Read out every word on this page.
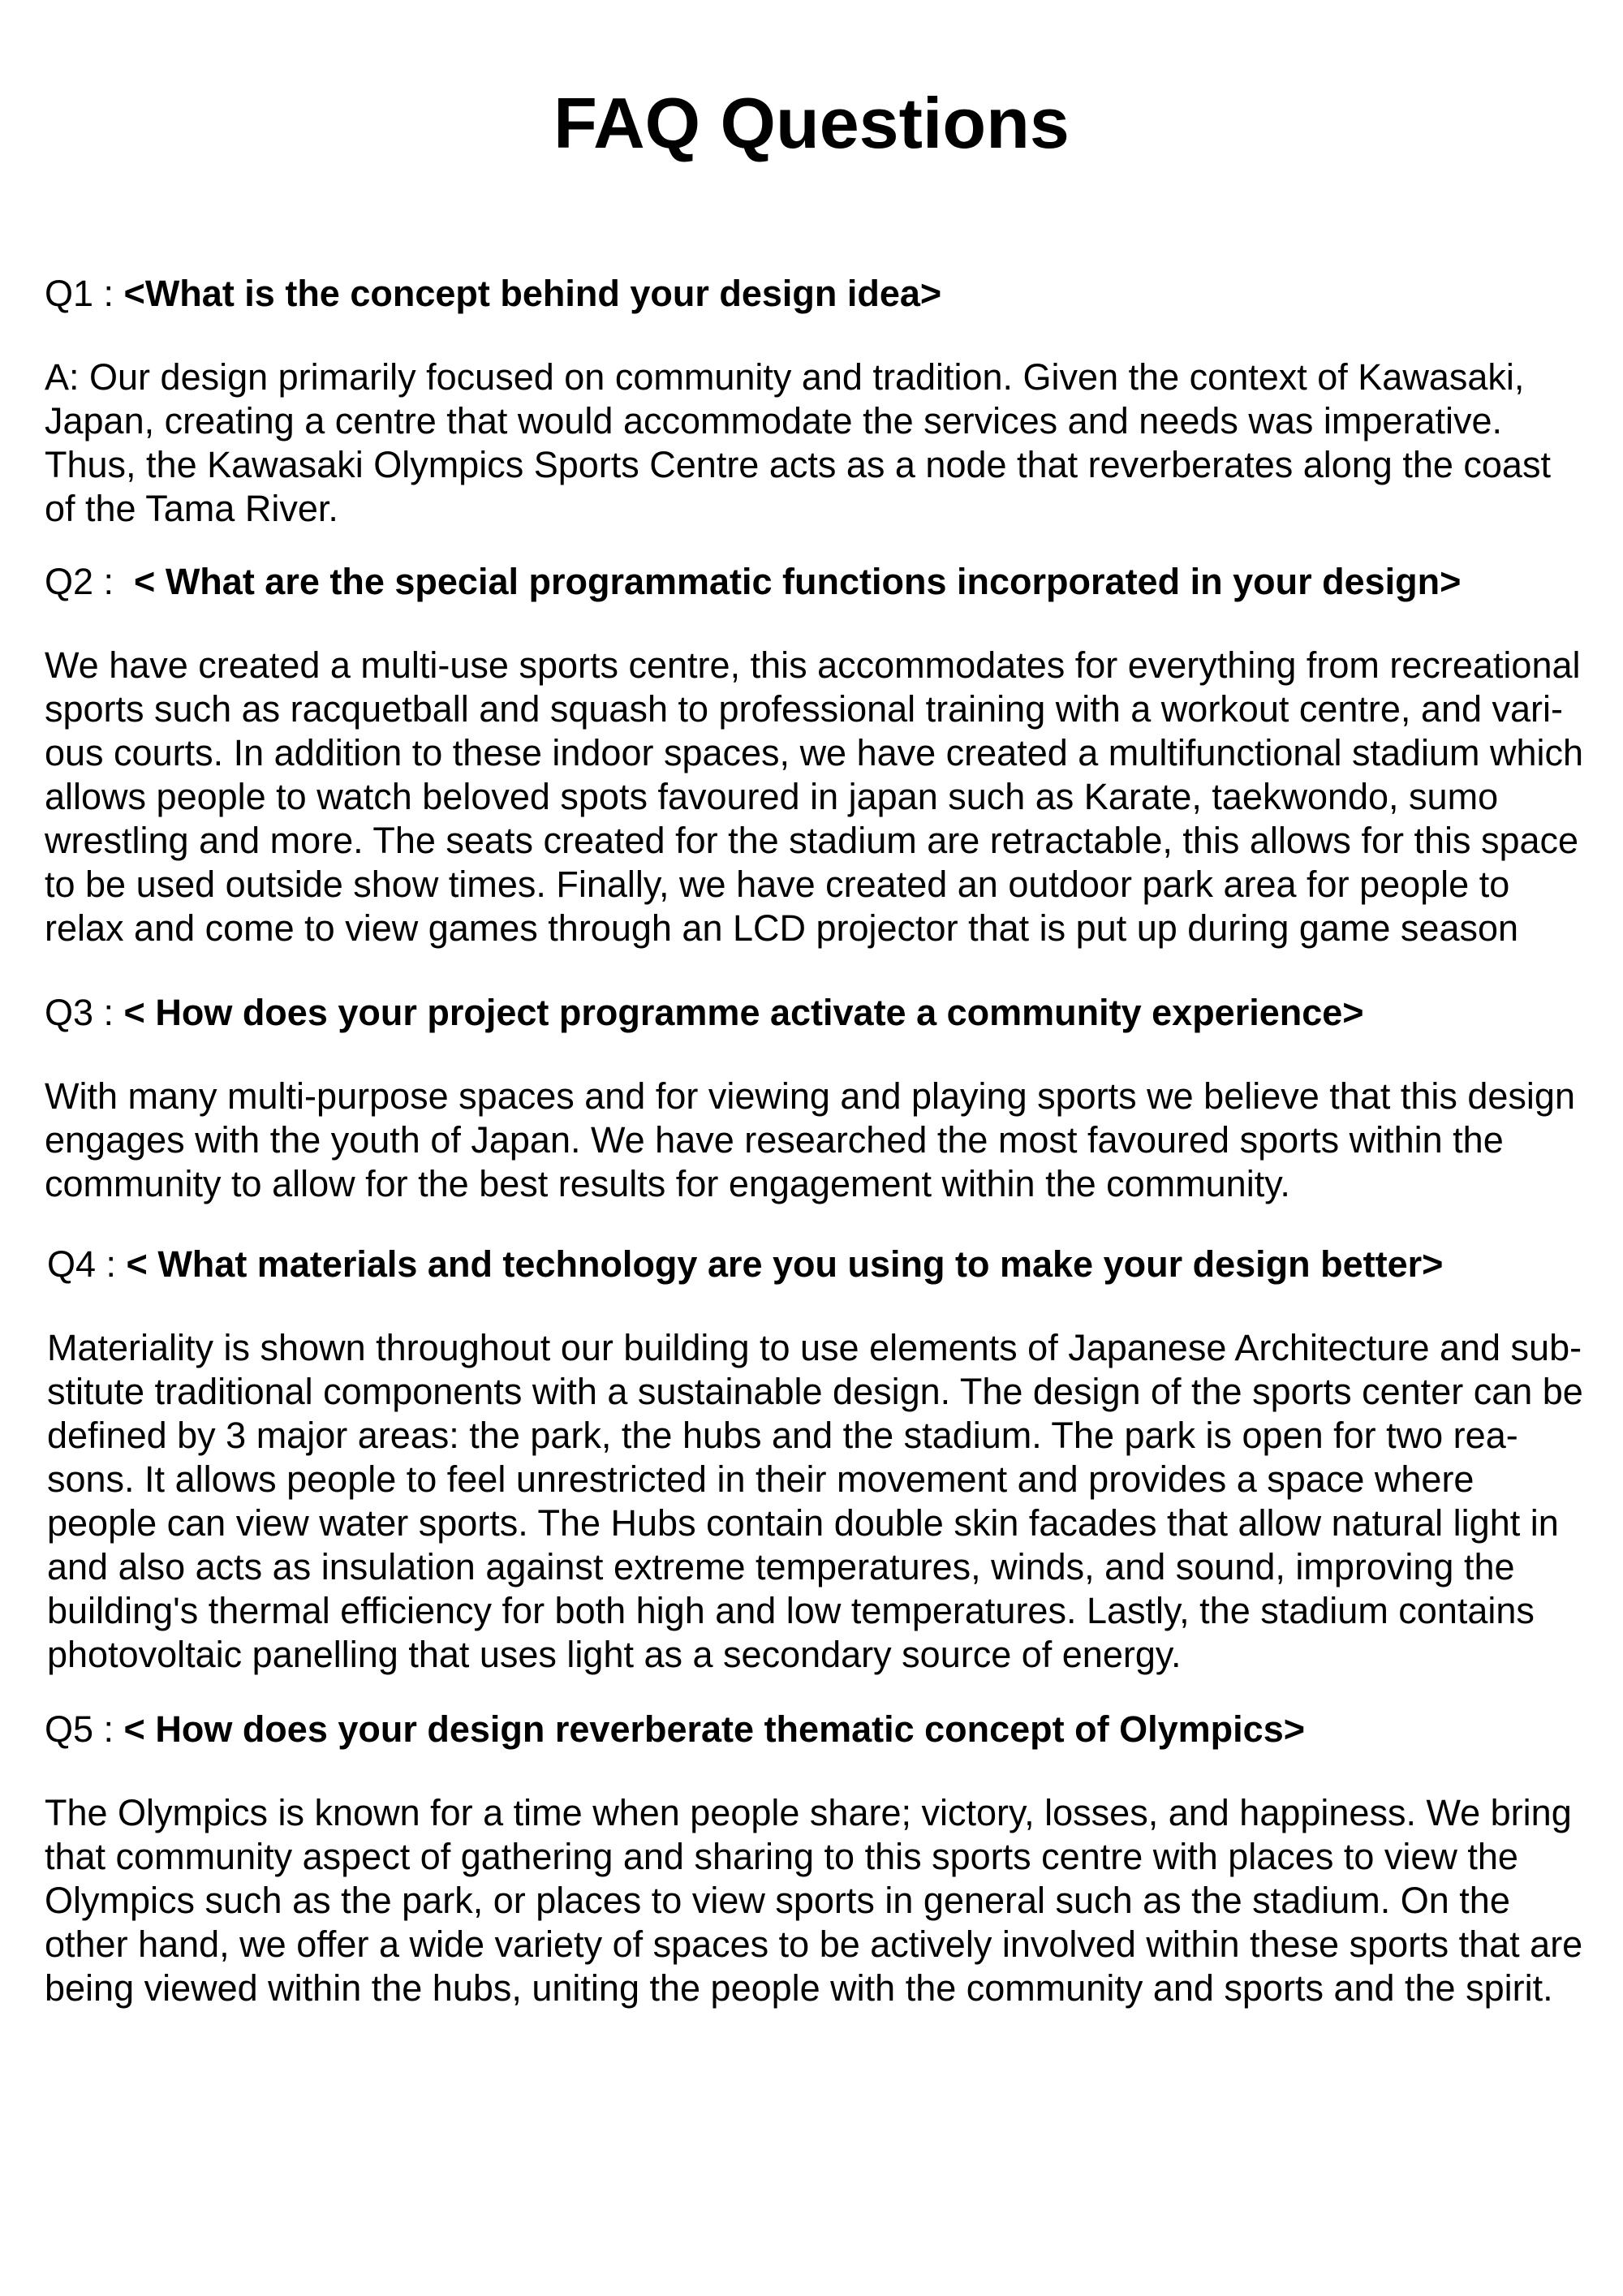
FAQ Questions

Q1 : <What is the concept behind your design idea>

A: Our design primarily focused on community and tradition. Given the context of Kawasaki,
Japan, creating a centre that would accommodate the services and needs was imperative.
Thus, the Kawasaki Olympics Sports Centre acts as a node that reverberates along the coast
of the Tama River.

Q2 :  < What are the special programmatic functions incorporated in your design>

We have created a multi-use sports centre, this accommodates for everything from recreational
sports such as racquetball and squash to professional training with a workout centre, and vari-
ous courts. In addition to these indoor spaces, we have created a multifunctional stadium which
allows people to watch beloved spots favoured in japan such as Karate, taekwondo, sumo
wrestling and more. The seats created for the stadium are retractable, this allows for this space
to be used outside show times. Finally, we have created an outdoor park area for people to
relax and come to view games through an LCD projector that is put up during game season

Q3 : < How does your project programme activate a community experience>

With many multi-purpose spaces and for viewing and playing sports we believe that this design
engages with the youth of Japan. We have researched the most favoured sports within the
community to allow for the best results for engagement within the community.

Q4 : < What materials and technology are you using to make your design better>

Materiality is shown throughout our building to use elements of Japanese Architecture and sub-
stitute traditional components with a sustainable design. The design of the sports center can be
defined by 3 major areas: the park, the hubs and the stadium. The park is open for two rea-
sons. It allows people to feel unrestricted in their movement and provides a space where
people can view water sports. The Hubs contain double skin facades that allow natural light in
and also acts as insulation against extreme temperatures, winds, and sound, improving the
building's thermal efficiency for both high and low temperatures. Lastly, the stadium contains
photovoltaic panelling that uses light as a secondary source of energy.

Q5 : < How does your design reverberate thematic concept of Olympics>

The Olympics is known for a time when people share; victory, losses, and happiness. We bring
that community aspect of gathering and sharing to this sports centre with places to view the
Olympics such as the park, or places to view sports in general such as the stadium. On the
other hand, we offer a wide variety of spaces to be actively involved within these sports that are
being viewed within the hubs, uniting the people with the community and sports and the spirit.
